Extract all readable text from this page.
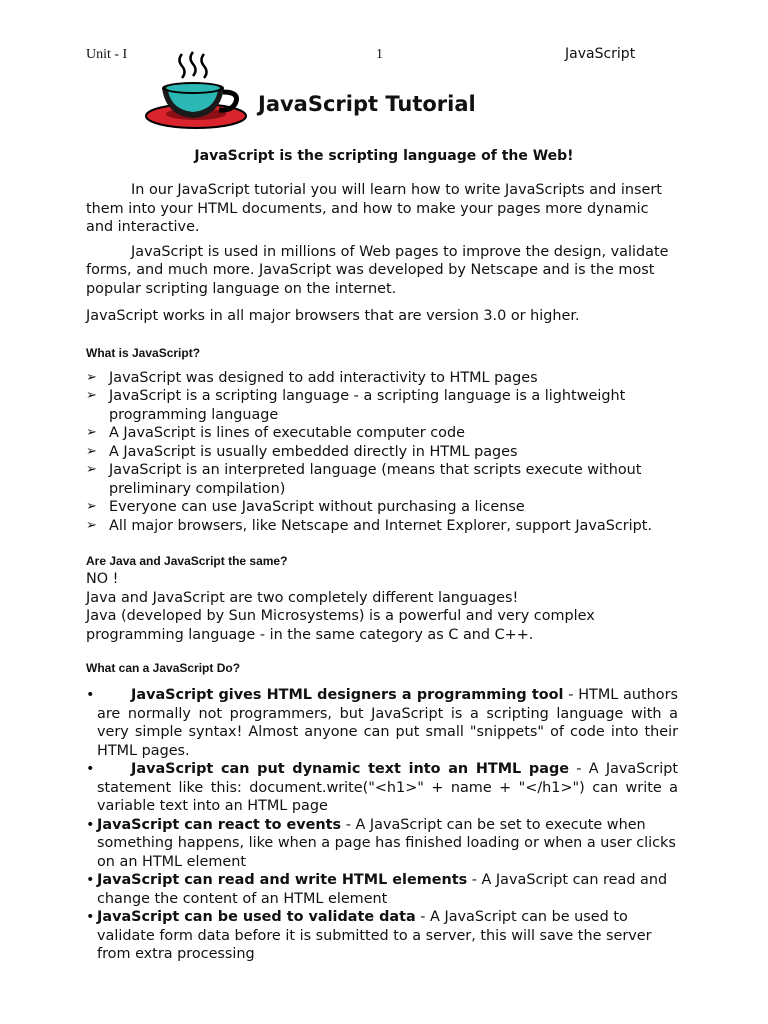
Unit - I	1	JavaScript
JavaScript Tutorial
JavaScript is the scripting language of the Web!

In our JavaScript tutorial you will learn how to write JavaScripts and insert them into your HTML documents, and how to make your pages more dynamic and interactive.

JavaScript is used in millions of Web pages to improve the design, validate forms, and much more. JavaScript was developed by Netscape and is the most popular scripting language on the internet.

JavaScript works in all major browsers that are version 3.0 or higher.

What is JavaScript?
➢ JavaScript was designed to add interactivity to HTML pages
➢ JavaScript is a scripting language - a scripting language is a lightweight programming language
➢ A JavaScript is lines of executable computer code
➢ A JavaScript is usually embedded directly in HTML pages
➢ JavaScript is an interpreted language (means that scripts execute without preliminary compilation)
➢ Everyone can use JavaScript without purchasing a license
➢ All major browsers, like Netscape and Internet Explorer, support JavaScript.
Are Java and JavaScript the same?

NO !

Java and JavaScript are two completely different languages!

Java (developed by Sun Microsystems) is a powerful and very complex programming language - in the same category as C and C++.

What can a JavaScript Do?
•	JavaScript gives HTML designers a programming tool - HTML authors are normally not programmers, but JavaScript is a scripting language with a very simple syntax! Almost anyone can put small "snippets" of code into their HTML pages.
•	JavaScript can put dynamic text into an HTML page - A JavaScript statement like this: document.write("<h1>" + name + "</h1>") can write a variable text into an HTML page
• JavaScript can react to events - A JavaScript can be set to execute when something happens, like when a page has finished loading or when a user clicks on an HTML element
• JavaScript can read and write HTML elements - A JavaScript can read and change the content of an HTML element
• JavaScript can be used to validate data - A JavaScript can be used to validate form data before it is submitted to a server, this will save the server from extra processing
